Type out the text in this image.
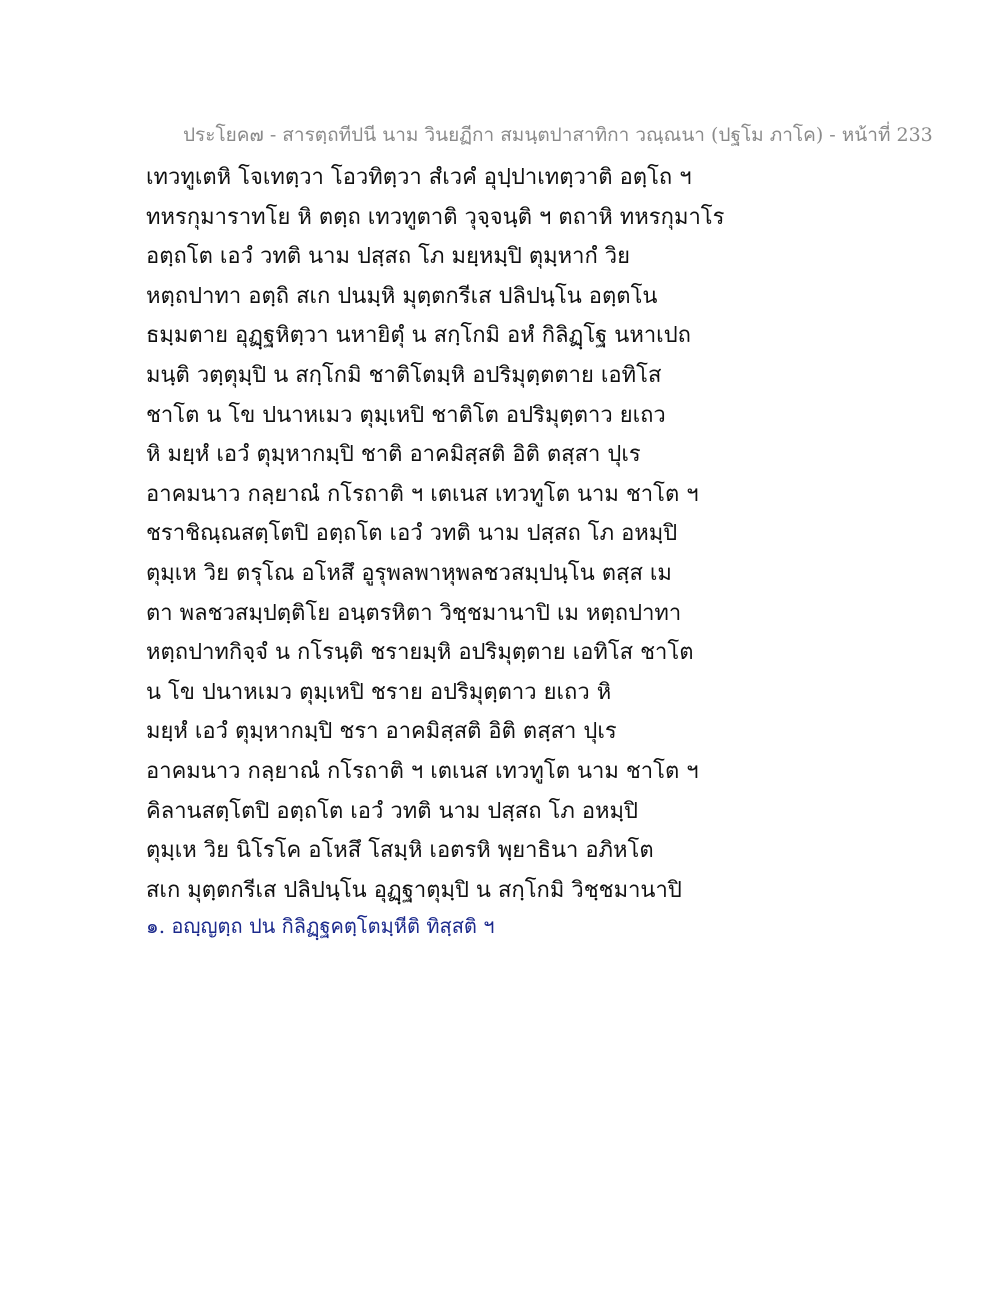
ประโยค๗ - สารตฺถทีปนี นาม วินยฏีกา สมนฺตปาสาทิกา วณฺณนา (ปฐโม ภาโค) - หน้าที่ 233
เทวทูเตหิ โจเทตฺวา โอวทิตฺวา สํเวคํ อุปฺปาเทตฺวาติ อตฺโถ ฯ
ทหรกุมาราทโย หิ ตตฺถ เทวทูตาติ วุจฺจนฺติ ฯ ตถาหิ ทหรกุมาโร
อตฺถโต เอวํ วทติ นาม ปสฺสถ โภ มยฺหมฺปิ ตุมฺหากํ วิย
หตฺถปาทา อตฺถิ สเก ปนมฺหิ มุตฺตกรีเส ปลิปนฺโน อตฺตโน
ธมฺมตาย อุฏฺฐหิตฺวา นหายิตุํ น สกฺโกมิ อหํ กิลิฏฺโฐ นหาเปถ
มนฺติ วตฺตุมฺปิ น สกฺโกมิ ชาติโตมฺหิ อปริมุตฺตตาย เอทิโส
ชาโต น โข ปนาหเมว ตุมฺเหปิ ชาติโต อปริมุตฺตาว ยเถว
หิ มยฺหํ เอวํ ตุมฺหากมฺปิ ชาติ อาคมิสฺสติ อิติ ตสฺสา ปุเร
อาคมนาว กลฺยาณํ กโรถาติ ฯ เตเนส เทวทูโต นาม ชาโต ฯ
ชราชิณฺณสตฺโตปิ อตฺถโต เอวํ วทติ นาม ปสฺสถ โภ อหมฺปิ
ตุมฺเห วิย ตรุโณ อโหสึ อูรุพลพาหุพลชวสมฺปนฺโน ตสฺส เม
ตา พลชวสมฺปตฺติโย อนฺตรหิตา วิชฺชมานาปิ เม หตฺถปาทา
หตฺถปาทกิจฺจํ น กโรนฺติ ชรายมฺหิ อปริมุตฺตาย เอทิโส ชาโต
น โข ปนาหเมว ตุมฺเหปิ ชราย อปริมุตฺตาว ยเถว หิ
มยฺหํ เอวํ ตุมฺหากมฺปิ ชรา อาคมิสฺสติ อิติ ตสฺสา ปุเร
อาคมนาว กลฺยาณํ กโรถาติ ฯ เตเนส เทวทูโต นาม ชาโต ฯ
คิลานสตฺโตปิ อตฺถโต เอวํ วทติ นาม ปสฺสถ โภ อหมฺปิ
ตุมฺเห วิย นิโรโค อโหสึ โสมฺหิ เอตรหิ พฺยาธินา อภิหโต
สเก มุตฺตกรีเส ปลิปนฺโน อุฏฺฐาตุมฺปิ น สกฺโกมิ วิชฺชมานาปิ
๑. อญฺญตฺถ ปน กิลิฏฺฐคตฺโตมฺหีติ ทิสฺสติ ฯ
